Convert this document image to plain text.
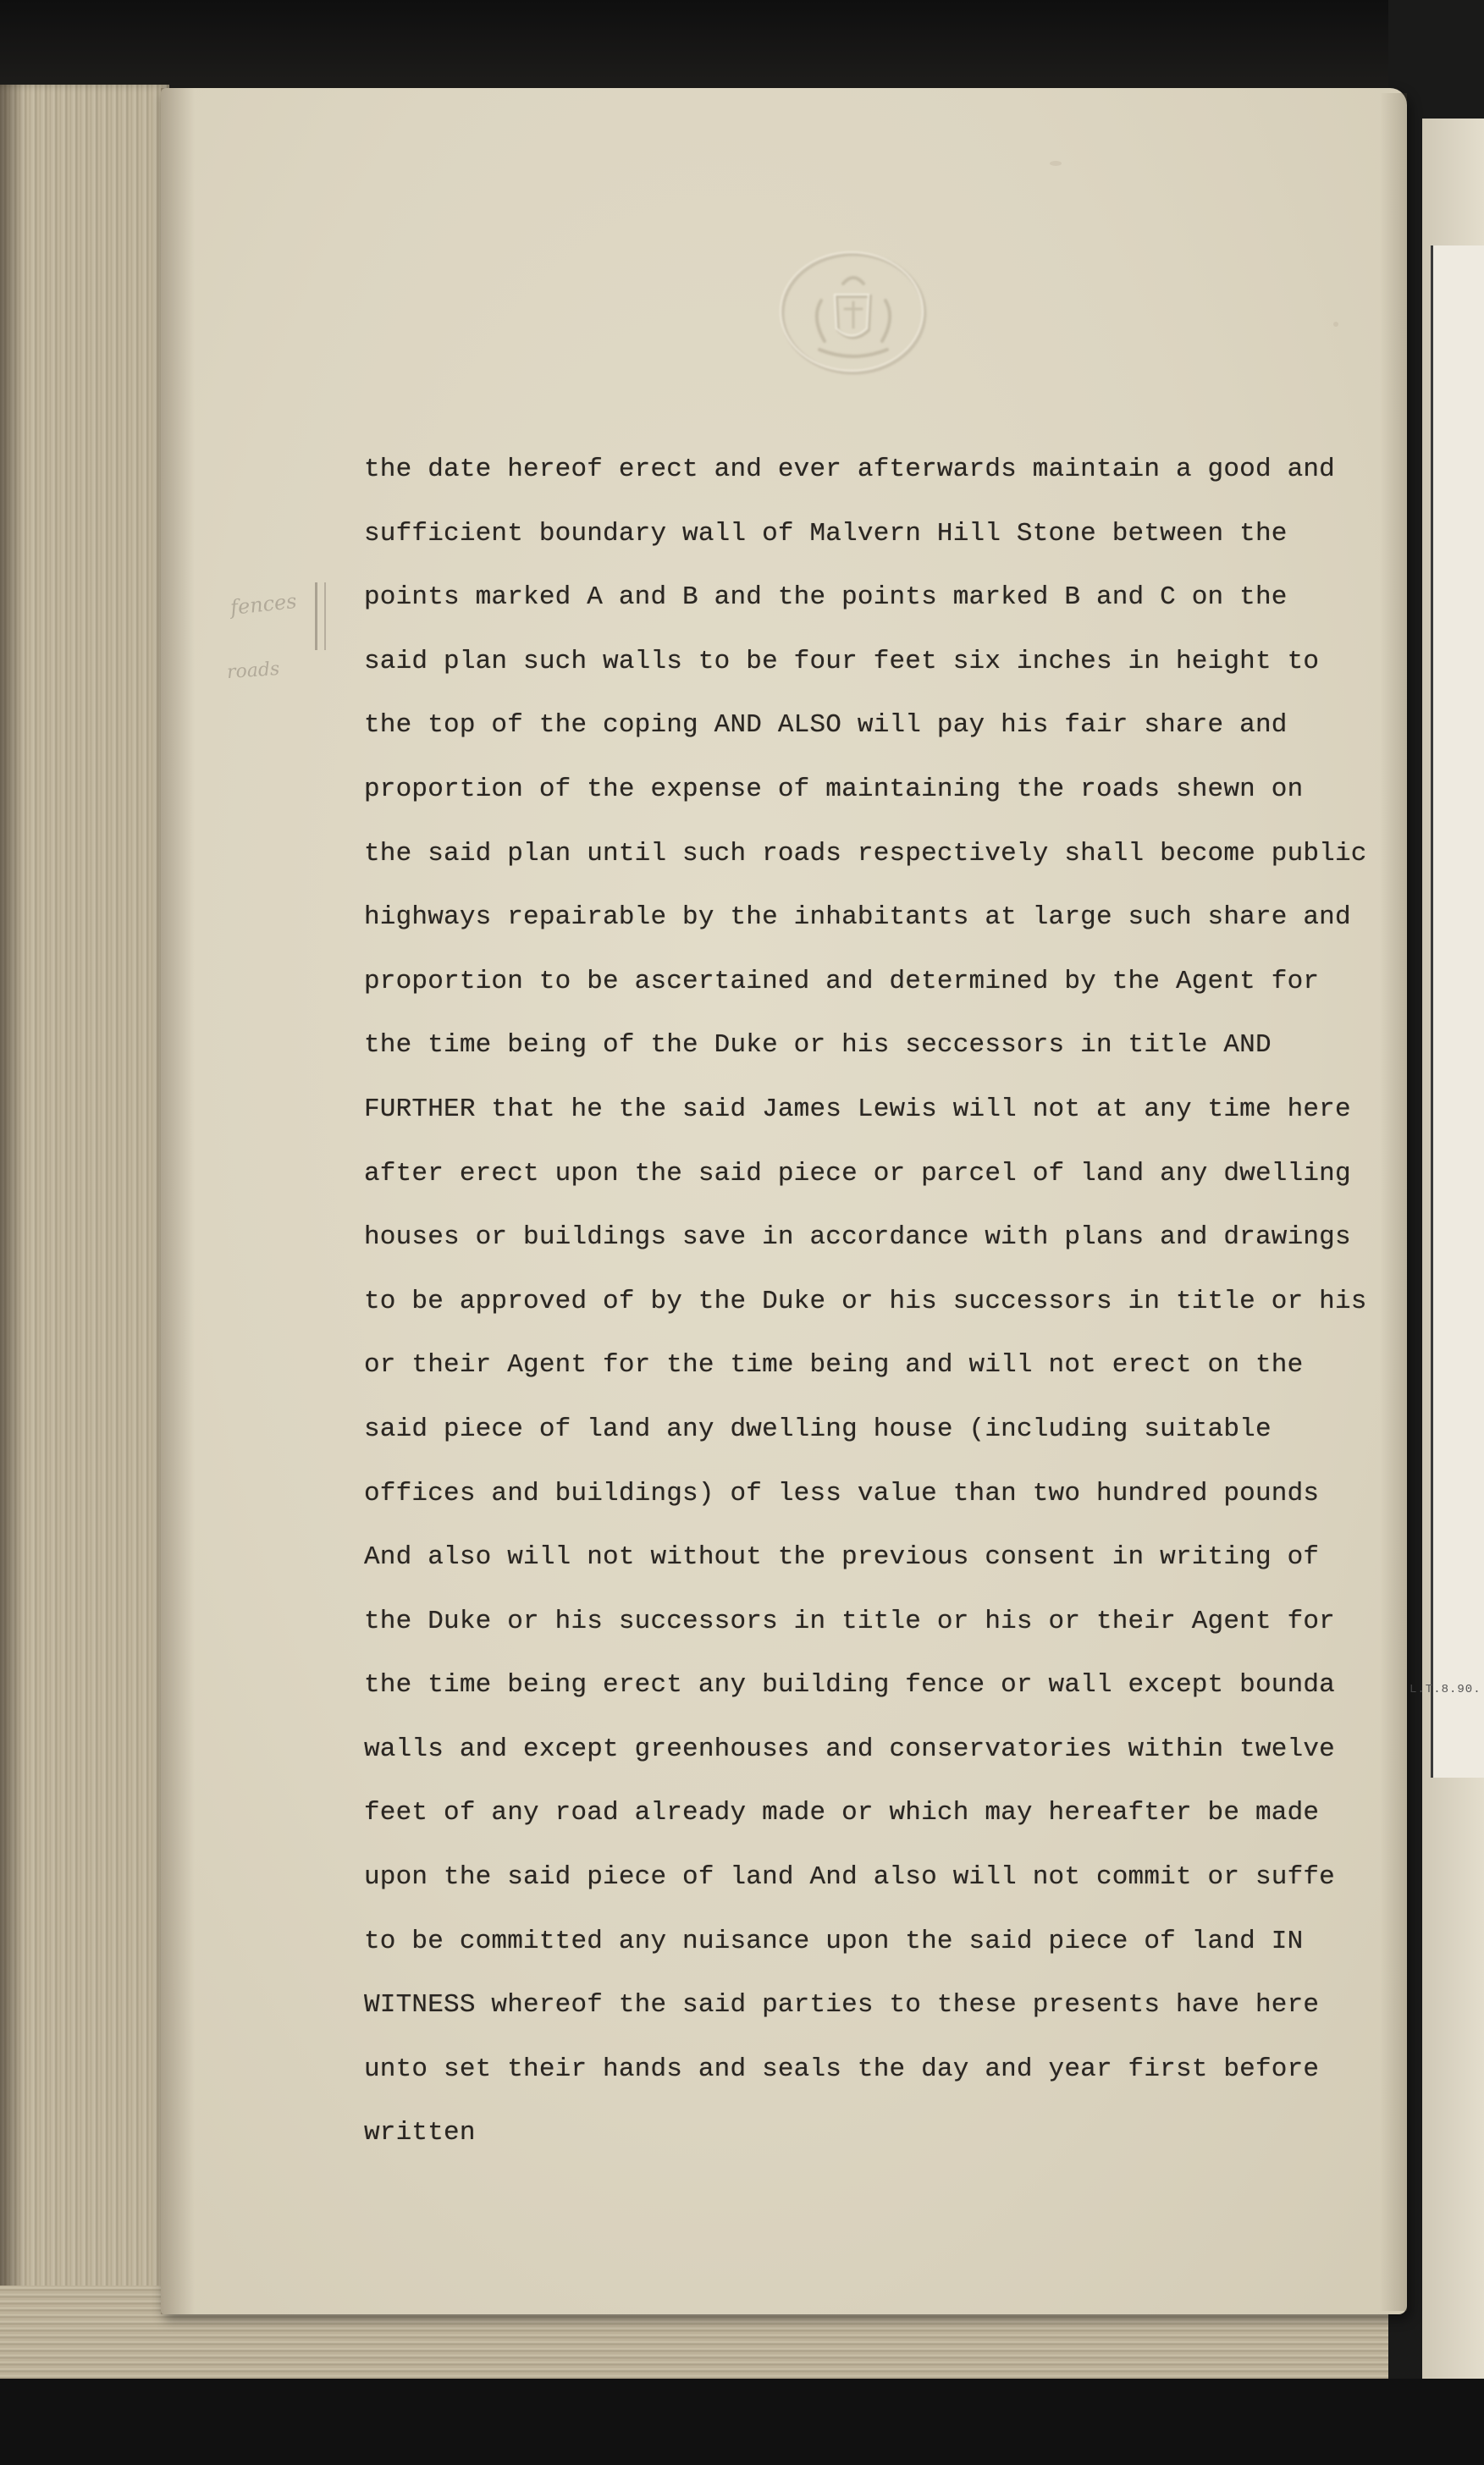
L.T.8.90.
fences
roads
the date hereof erect and ever afterwards maintain a good and
sufficient boundary wall of Malvern Hill Stone between the
points marked A and B and the points marked B and C on the
said plan such walls to be four feet six inches in height to
the top of the coping AND ALSO will pay his fair share and
proportion of the expense of maintaining the roads shewn on
the said plan until such roads respectively shall become public
highways repairable by the inhabitants at large such share and
proportion to be ascertained and determined by the Agent for
the time being of the Duke or his seccessors in title AND
FURTHER that he the said James Lewis will not at any time here
after erect upon the said piece or parcel of land any dwelling
houses or buildings save in accordance with plans and drawings
to be approved of by the Duke or his successors in title or his
or their Agent for the time being and will not erect on the
said piece of land any dwelling house (including suitable
offices and buildings) of less value than two hundred pounds
And also will not without the previous consent in writing of
the Duke or his successors in title or his or their Agent for
the time being erect any building fence or wall except bounda
walls and except greenhouses and conservatories within twelve
feet of any road already made or which may hereafter be made
upon the said piece of land And also will not commit or suffe
to be committed any nuisance upon the said piece of land IN
WITNESS whereof the said parties to these presents have here
unto set their hands and seals the day and year first before
written
